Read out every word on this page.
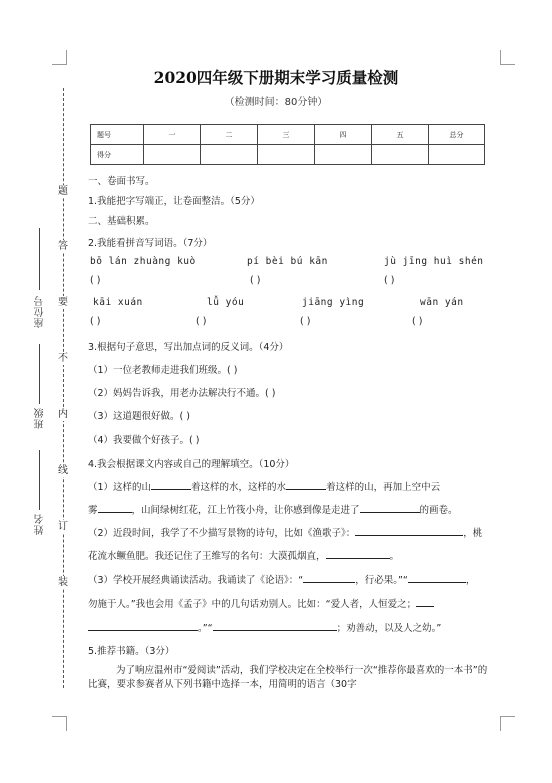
题
答
要
不
内
线
订
装
座位号
班级
姓名
2020四年级下册期末学习质量检测
（检测时间：80分钟）
题号	一	二	三	四	五	总分
得分						
一、卷面书写。
1.我能把字写端正，让卷面整洁。（5分）
二、基础积累。
2.我能看拼音写词语。（7分）
bō lán zhuàng kuò	pí bèi bú kān	jù jīng huì shén
( )	( )	( )
kāi xuán	lǚ yóu	jiāng yìng	wān yán
( )	( )	( )	( )
3.根据句子意思，写出加点词的反义词。（4分）
（1）一位老教师走进我们班级。( )
（2）妈妈告诉我，用老办法解决行不通。( )
（3）这道题很好做。( )
（4）我要做个好孩子。( )
4.我会根据课文内容或自己的理解填空。（10分）
（1）这样的山	着这样的水，这样的水	着这样的山，再加上空中云
雾	，山间绿树红花，江上竹筏小舟，让你感到像是走进了	的画卷。
（2）近段时间，我学了不少描写景物的诗句，比如《渔歌子》：	，桃
花流水鳜鱼肥。我还记住了王维写的名句：大漠孤烟直，	。
（3）学校开展经典诵读活动。我诵读了《论语》：“	，行必果。”“	，
勿施于人。”我也会用《孟子》中的几句话劝别人。比如：“爱人者，人恒爱之；
。”“	；劝善动，以及人之幼。”
5.推荐书籍。（3分）
为了响应温州市“爱阅读”活动，我们学校决定在全校举行一次“推荐你最喜欢的一本书”的比赛，要求参赛者从下列书籍中选择一本，用简明的语言（30字
